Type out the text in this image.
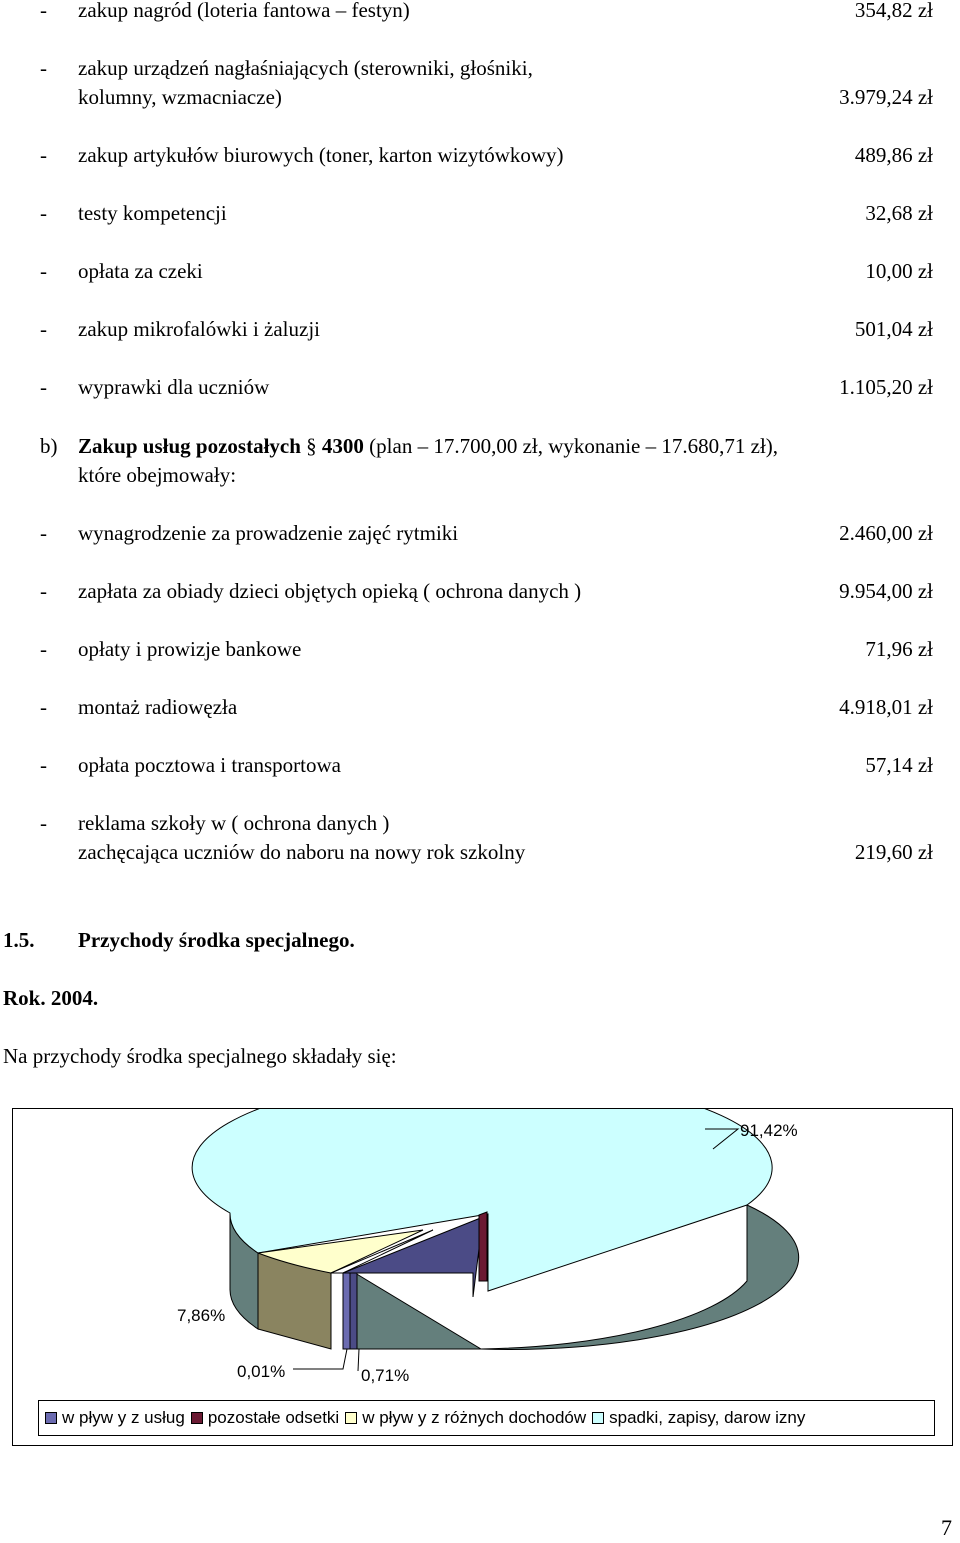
- zakup nagród (loteria fantowa – festyn)	354,82 zł
- zakup urządzeń nagłaśniających (sterowniki, głośniki,
kolumny, wzmacniacze)	3.979,24 zł
- zakup artykułów biurowych (toner, karton wizytówkowy)	489,86 zł
- testy kompetencji	32,68 zł
- opłata za czeki	10,00 zł
- zakup mikrofalówki i żaluzji	501,04 zł
- wyprawki dla uczniów	1.105,20 zł
b) Zakup usług pozostałych § 4300 (plan – 17.700,00 zł, wykonanie – 17.680,71 zł),
które obejmowały:
- wynagrodzenie za prowadzenie zajęć rytmiki	2.460,00 zł
- zapłata za obiady dzieci objętych opieką ( ochrona danych )	9.954,00 zł
- opłaty i prowizje bankowe	71,96 zł
- montaż radiowęzła	4.918,01 zł
- opłata pocztowa i transportowa	57,14 zł
- reklama szkoły w ( ochrona danych )
zachęcająca uczniów do naboru na nowy rok szkolny	219,60 zł
1.5. Przychody środka specjalnego.
Rok. 2004.
Na przychody środka specjalnego składały się:
91,42%
7,86%
0,01%	0,71%
w pływ y z usług pozostałe odsetki w pływ y z różnych dochodów spadki, zapisy, darow izny
7
